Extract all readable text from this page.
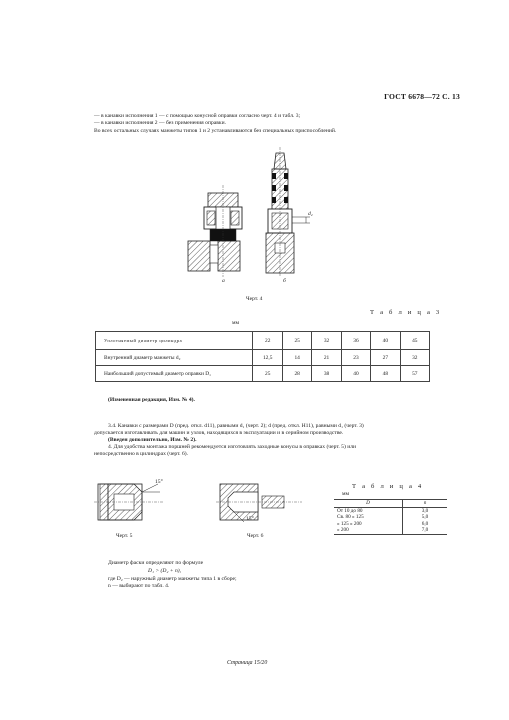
ГОСТ 6678—72 С. 13
— в канавки исполнения 1 — с помощью конусной оправки согласно черт. 4 и табл. 3;
— в канавки исполнения 2 — без применения оправки.
Во всех остальных случаях манжеты типов 1 и 2 устанавливаются без специальных приспособлений.
d₂
а	б
Черт. 4
Т а б л и ц а 3
мм
Уплотняемый диаметр цилиндра	22	25	32	36	40	45
Внутренний диаметр манжеты d₂	12,5	14	21	23	27	32
Наибольший допустимый диаметр оправки D₁	25	28	38	40	48	57
(Измененная редакция, Изм. № 4).
3.4. Канавки с размерами D (пред. откл. d11), равными d₁ (черт. 2); d (пред. откл. H11), равными d₁ (черт. 3)
допускается изготавливать для машин и узлов, находящихся в эксплуатации и в серийном производстве.
(Введен дополнительно, Изм. № 2).
4. Для удобства монтажа поршней рекомендуется изготовлять заходные конусы в оправках (черт. 5) или
непосредственно в цилиндрах (черт. 6).
15°
Черт. 5
15°
Черт. 6
Т а б л и ц а 4
мм
D	n
От 10 до 80	3,0
Св. 80 » 125	5,0
» 125 » 200	6,0
» 200	7,0
Диаметр фаски определяют по формуле
D₁ > (D₂ + n),
где D₂ — наружный диаметр манжеты типа 1 в сборе;
n — выбирают по табл. 4.
Страница 15/20
